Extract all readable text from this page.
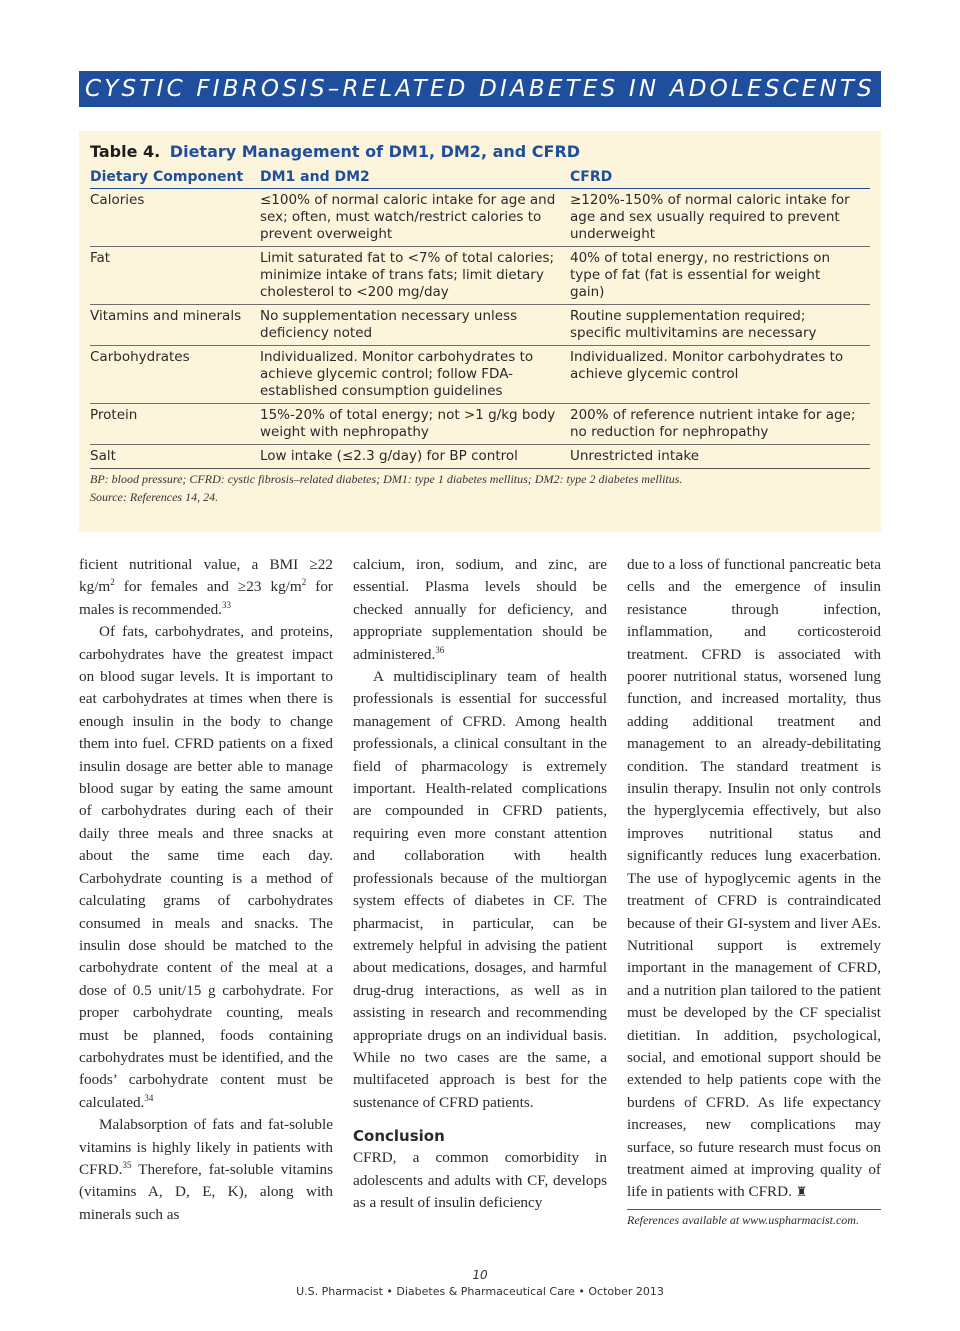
CYSTIC FIBROSIS–RELATED DIABETES IN ADOLESCENTS
Table 4. Dietary Management of DM1, DM2, and CFRD
Dietary Component	DM1 and DM2	CFRD
Calories	≤100% of normal caloric intake for age and sex; often, must watch/restrict calories to prevent overweight	≥120%-150% of normal caloric intake for age and sex usually required to prevent underweight
Fat	Limit saturated fat to <7% of total calories; minimize intake of trans fats; limit dietary cholesterol to <200 mg/day	40% of total energy, no restrictions on type of fat (fat is essential for weight gain)
Vitamins and minerals	No supplementation necessary unless deficiency noted	Routine supplementation required; specific multivitamins are necessary
Carbohydrates	Individualized. Monitor carbohydrates to achieve glycemic control; follow FDA-established consumption guidelines	Individualized. Monitor carbohydrates to achieve glycemic control
Protein	15%-20% of total energy; not >1 g/kg body weight with nephropathy	200% of reference nutrient intake for age; no reduction for nephropathy
Salt	Low intake (≤2.3 g/day) for BP control	Unrestricted intake
BP: blood pressure; CFRD: cystic fibrosis–related diabetes; DM1: type 1 diabetes mellitus; DM2: type 2 diabetes mellitus.
Source: References 14, 24.

ficient nutritional value, a BMI ≥22 $kg/m^2$ for females and ≥23 $kg/m^2$ for males is recommended.$^{33}$

Of fats, carbohydrates, and proteins, carbohydrates have the greatest impact on blood sugar levels. It is important to eat carbohydrates at times when there is enough insulin in the body to change them into fuel. CFRD patients on a fixed insulin dosage are better able to manage blood sugar by eating the same amount of carbohydrates during each of their daily three meals and three snacks at about the same time each day. Carbohydrate counting is a method of calculating grams of carbohydrates consumed in meals and snacks. The insulin dose should be matched to the carbohydrate content of the meal at a dose of 0.5 unit/15 g carbohydrate. For proper carbohydrate counting, meals must be planned, foods containing carbohydrates must be identified, and the foods’ carbohydrate content must be calculated.$^{34}$

Malabsorption of fats and fat-soluble vitamins is highly likely in patients with CFRD.$^{35}$ Therefore, fat-soluble vitamins (vitamins A, D, E, K), along with minerals such as

calcium, iron, sodium, and zinc, are essential. Plasma levels should be checked annually for deficiency, and appropriate supplementation should be administered.$^{36}$

A multidisciplinary team of health professionals is essential for successful management of CFRD. Among health professionals, a clinical consultant in the field of pharmacology is extremely important. Health-related complications are compounded in CFRD patients, requiring even more constant attention and collaboration with health professionals because of the multiorgan system effects of diabetes in CF. The pharmacist, in particular, can be extremely helpful in advising the patient about medications, dosages, and harmful drug-drug interactions, as well as in assisting in research and recommending appropriate drugs on an individual basis. While no two cases are the same, a multifaceted approach is best for the sustenance of CFRD patients.

Conclusion

CFRD, a common comorbidity in adolescents and adults with CF, develops as a result of insulin deficiency

due to a loss of functional pancreatic beta cells and the emergence of insulin resistance through infection, inflammation, and corticosteroid treatment. CFRD is associated with poorer nutritional status, worsened lung function, and increased mortality, thus adding additional treatment and management to an already-debilitating condition. The standard treatment is insulin therapy. Insulin not only controls the hyperglycemia effectively, but also improves nutritional status and significantly reduces lung exacerbation. The use of hypoglycemic agents in the treatment of CFRD is contraindicated because of their GI-system and liver AEs. Nutritional support is extremely important in the management of CFRD, and a nutrition plan tailored to the patient must be developed by the CF specialist dietitian. In addition, psychological, social, and emotional support should be extended to help patients cope with the burdens of CFRD. As life expectancy increases, new complications may surface, so future research must focus on treatment aimed at improving quality of life in patients with CFRD. ♜

References available at www.uspharmacist.com.
10
U.S. Pharmacist • Diabetes & Pharmaceutical Care • October 2013
